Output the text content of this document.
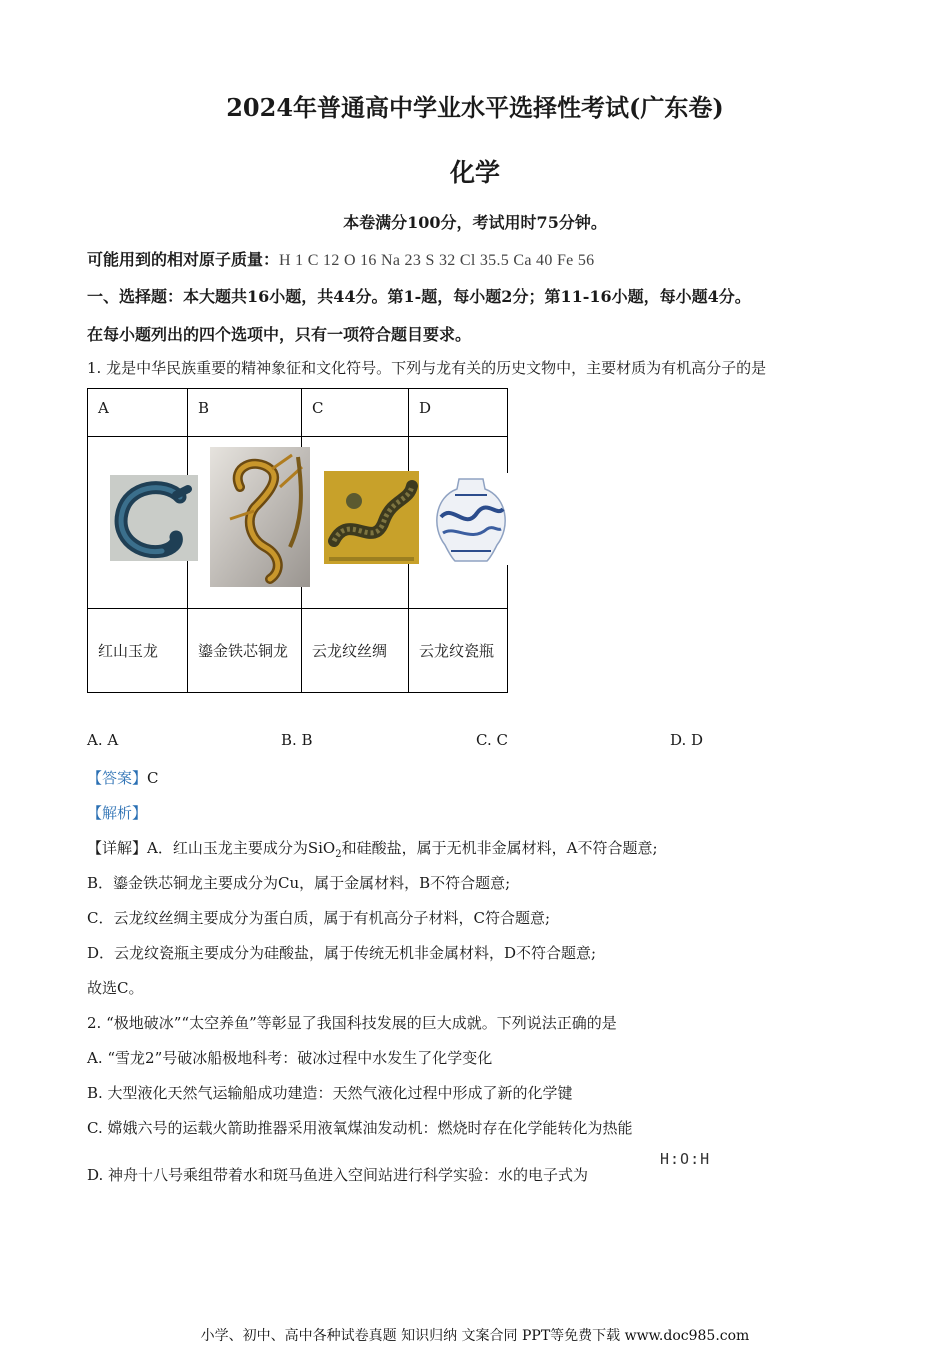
2024年普通高中学业水平选择性考试(广东卷)
化学
本卷满分100分，考试用时75分钟。
可能用到的相对原子质量：H 1 C 12 O 16 Na 23 S 32 Cl 35.5 Ca 40 Fe 56
一、选择题：本大题共16小题，共44分。第1-题，每小题2分；第11-16小题，每小题4分。
在每小题列出的四个选项中，只有一项符合题目要求。
1. 龙是中华民族重要的精神象征和文化符号。下列与龙有关的历史文物中，主要材质为有机高分子的是
A	B	C	D

红山玉龙	鎏金铁芯铜龙	云龙纹丝绸	云龙纹瓷瓶
A. A	B. B	C. C	D. D
【答案】C
【解析】
【详解】A．红山玉龙主要成分为SiO$_2$和硅酸盐，属于无机非金属材料，A不符合题意;
B．鎏金铁芯铜龙主要成分为Cu，属于金属材料，B不符合题意;
C．云龙纹丝绸主要成分为蛋白质，属于有机高分子材料，C符合题意;
D．云龙纹瓷瓶主要成分为硅酸盐，属于传统无机非金属材料，D不符合题意;
故选C。
2. “极地破冰”“太空养鱼”等彰显了我国科技发展的巨大成就。下列说法正确的是
A. “雪龙2”号破冰船极地科考：破冰过程中水发生了化学变化
B. 大型液化天然气运输船成功建造：天然气液化过程中形成了新的化学键
C. 嫦娥六号的运载火箭助推器采用液氧煤油发动机：燃烧时存在化学能转化为热能
D. 神舟十八号乘组带着水和斑马鱼进入空间站进行科学实验：水的电子式为
H:O:H
小学、初中、高中各种试卷真题 知识归纳 文案合同 PPT等免费下载 www.doc985.com
